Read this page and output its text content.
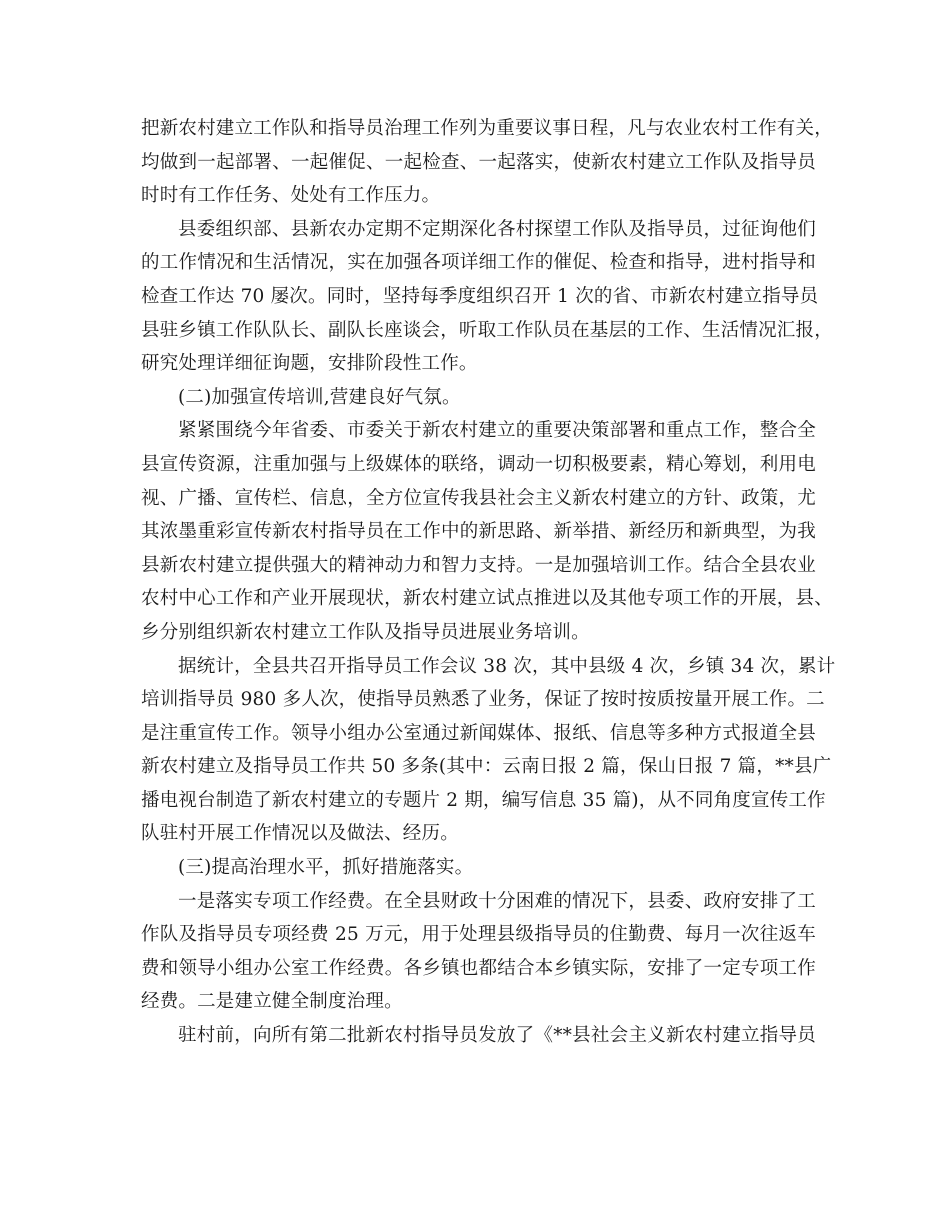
把新农村建立工作队和指导员治理工作列为重要议事日程，凡与农业农村工作有关，
均做到一起部署、一起催促、一起检查、一起落实，使新农村建立工作队及指导员
时时有工作任务、处处有工作压力。
县委组织部、县新农办定期不定期深化各村探望工作队及指导员，过征询他们
的工作情况和生活情况，实在加强各项详细工作的催促、检查和指导，进村指导和
检查工作达 70 屡次。同时，坚持每季度组织召开 1 次的省、市新农村建立指导员
县驻乡镇工作队队长、副队长座谈会，听取工作队员在基层的工作、生活情况汇报，
研究处理详细征询题，安排阶段性工作。
(二)加强宣传培训,营建良好气氛。
紧紧围绕今年省委、市委关于新农村建立的重要决策部署和重点工作，整合全
县宣传资源，注重加强与上级媒体的联络，调动一切积极要素，精心筹划，利用电
视、广播、宣传栏、信息，全方位宣传我县社会主义新农村建立的方针、政策，尤
其浓墨重彩宣传新农村指导员在工作中的新思路、新举措、新经历和新典型，为我
县新农村建立提供强大的精神动力和智力支持。一是加强培训工作。结合全县农业
农村中心工作和产业开展现状，新农村建立试点推进以及其他专项工作的开展，县、
乡分别组织新农村建立工作队及指导员进展业务培训。
据统计，全县共召开指导员工作会议 38 次，其中县级 4 次，乡镇 34 次，累计
培训指导员 980 多人次，使指导员熟悉了业务，保证了按时按质按量开展工作。二
是注重宣传工作。领导小组办公室通过新闻媒体、报纸、信息等多种方式报道全县
新农村建立及指导员工作共 50 多条(其中：云南日报 2 篇，保山日报 7 篇，**县广
播电视台制造了新农村建立的专题片 2 期，编写信息 35 篇)，从不同角度宣传工作
队驻村开展工作情况以及做法、经历。
(三)提高治理水平，抓好措施落实。
一是落实专项工作经费。在全县财政十分困难的情况下，县委、政府安排了工
作队及指导员专项经费 25 万元，用于处理县级指导员的住勤费、每月一次往返车
费和领导小组办公室工作经费。各乡镇也都结合本乡镇实际，安排了一定专项工作
经费。二是建立健全制度治理。
驻村前，向所有第二批新农村指导员发放了《**县社会主义新农村建立指导员
